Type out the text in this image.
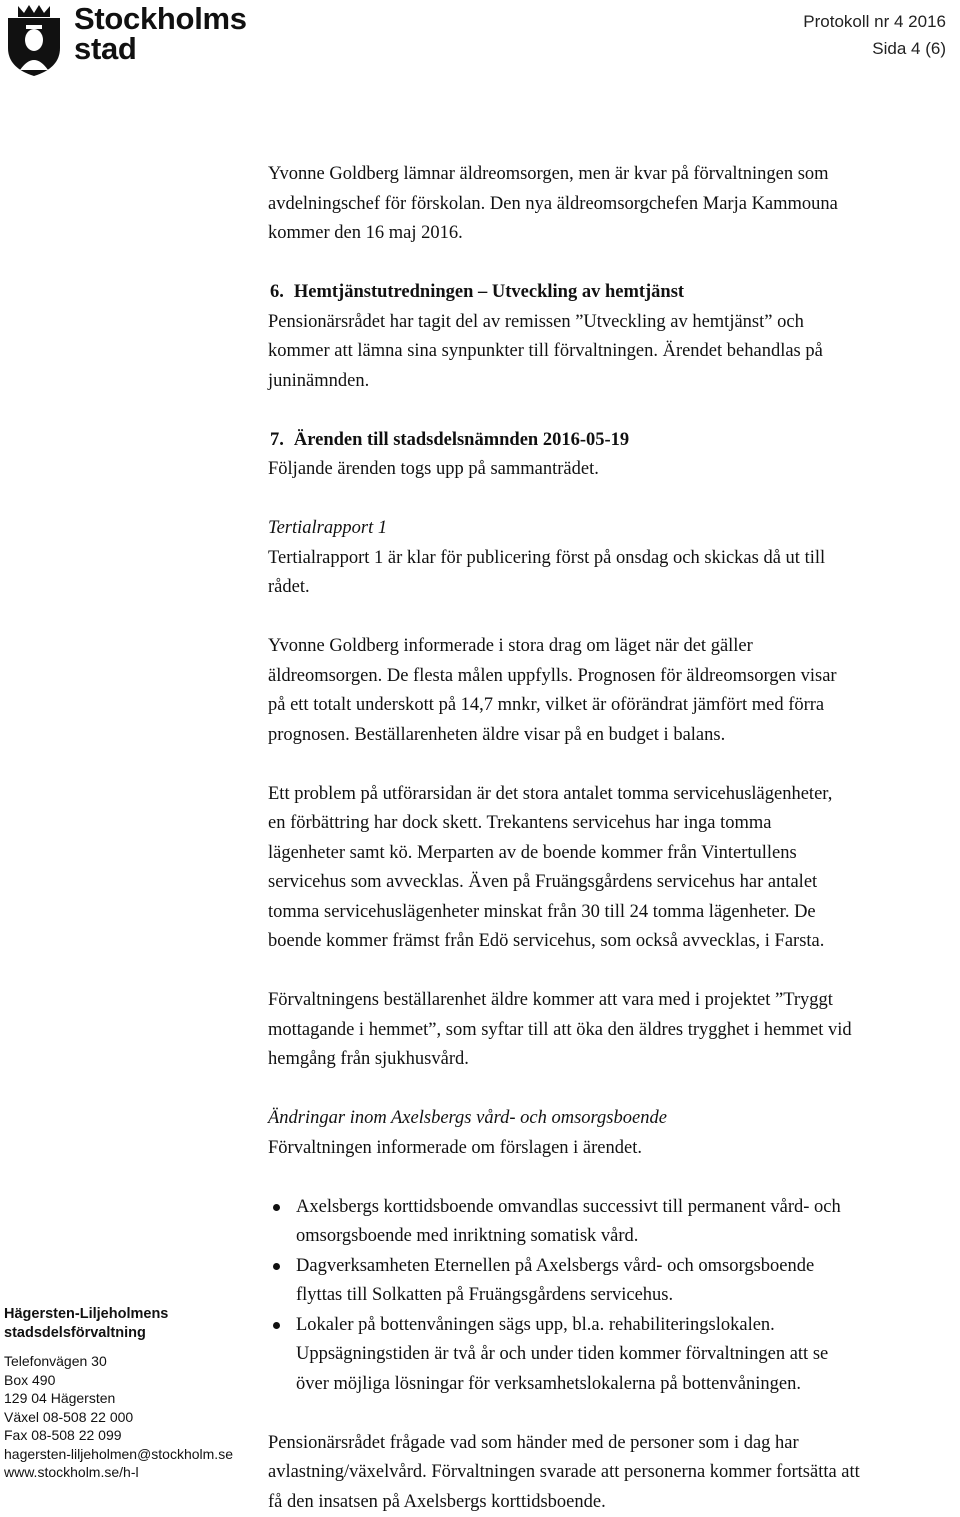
Stockholms
stad
Protokoll nr 4 2016
Sida 4 (6)

Yvonne Goldberg lämnar äldreomsorgen, men är kvar på förvaltningen som

avdelningschef för förskolan. Den nya äldreomsorgchefen Marja Kammouna

kommer den 16 maj 2016.

6. Hemtjänstutredningen – Utveckling av hemtjänst

Pensionärsrådet har tagit del av remissen ”Utveckling av hemtjänst” och

kommer att lämna sina synpunkter till förvaltningen. Ärendet behandlas på

juninämnden.

7. Ärenden till stadsdelsnämnden 2016-05-19

Följande ärenden togs upp på sammanträdet.

Tertialrapport 1

Tertialrapport 1 är klar för publicering först på onsdag och skickas då ut till

rådet.

Yvonne Goldberg informerade i stora drag om läget när det gäller

äldreomsorgen. De flesta målen uppfylls. Prognosen för äldreomsorgen visar

på ett totalt underskott på 14,7 mnkr, vilket är oförändrat jämfört med förra

prognosen. Beställarenheten äldre visar på en budget i balans.

Ett problem på utförarsidan är det stora antalet tomma servicehuslägenheter,

en förbättring har dock skett. Trekantens servicehus har inga tomma

lägenheter samt kö. Merparten av de boende kommer från Vintertullens

servicehus som avvecklas. Även på Fruängsgårdens servicehus har antalet

tomma servicehuslägenheter minskat från 30 till 24 tomma lägenheter. De

boende kommer främst från Edö servicehus, som också avvecklas, i Farsta.

Förvaltningens beställarenhet äldre kommer att vara med i projektet ”Tryggt

mottagande i hemmet”, som syftar till att öka den äldres trygghet i hemmet vid

hemgång från sjukhusvård.

Ändringar inom Axelsbergs vård- och omsorgsboende

Förvaltningen informerade om förslagen i ärendet.

Axelsbergs korttidsboende omvandlas successivt till permanent vård- och
omsorgsboende med inriktning somatisk vård.
Dagverksamheten Eternellen på Axelsbergs vård- och omsorgsboende
flyttas till Solkatten på Fruängsgårdens servicehus.
Lokaler på bottenvåningen sägs upp, bl.a. rehabiliteringslokalen.
Uppsägningstiden är två år och under tiden kommer förvaltningen att se
över möjliga lösningar för verksamhetslokalerna på bottenvåningen.

Pensionärsrådet frågade vad som händer med de personer som i dag har

avlastning/växelvård. Förvaltningen svarade att personerna kommer fortsätta att

få den insatsen på Axelsbergs korttidsboende.

Hägersten-Liljeholmens
stadsdelsförvaltning
Telefonvägen 30
Box 490
129 04 Hägersten
Växel 08-508 22 000
Fax 08-508 22 099
hagersten-liljeholmen@stockholm.se
www.stockholm.se/h-l
